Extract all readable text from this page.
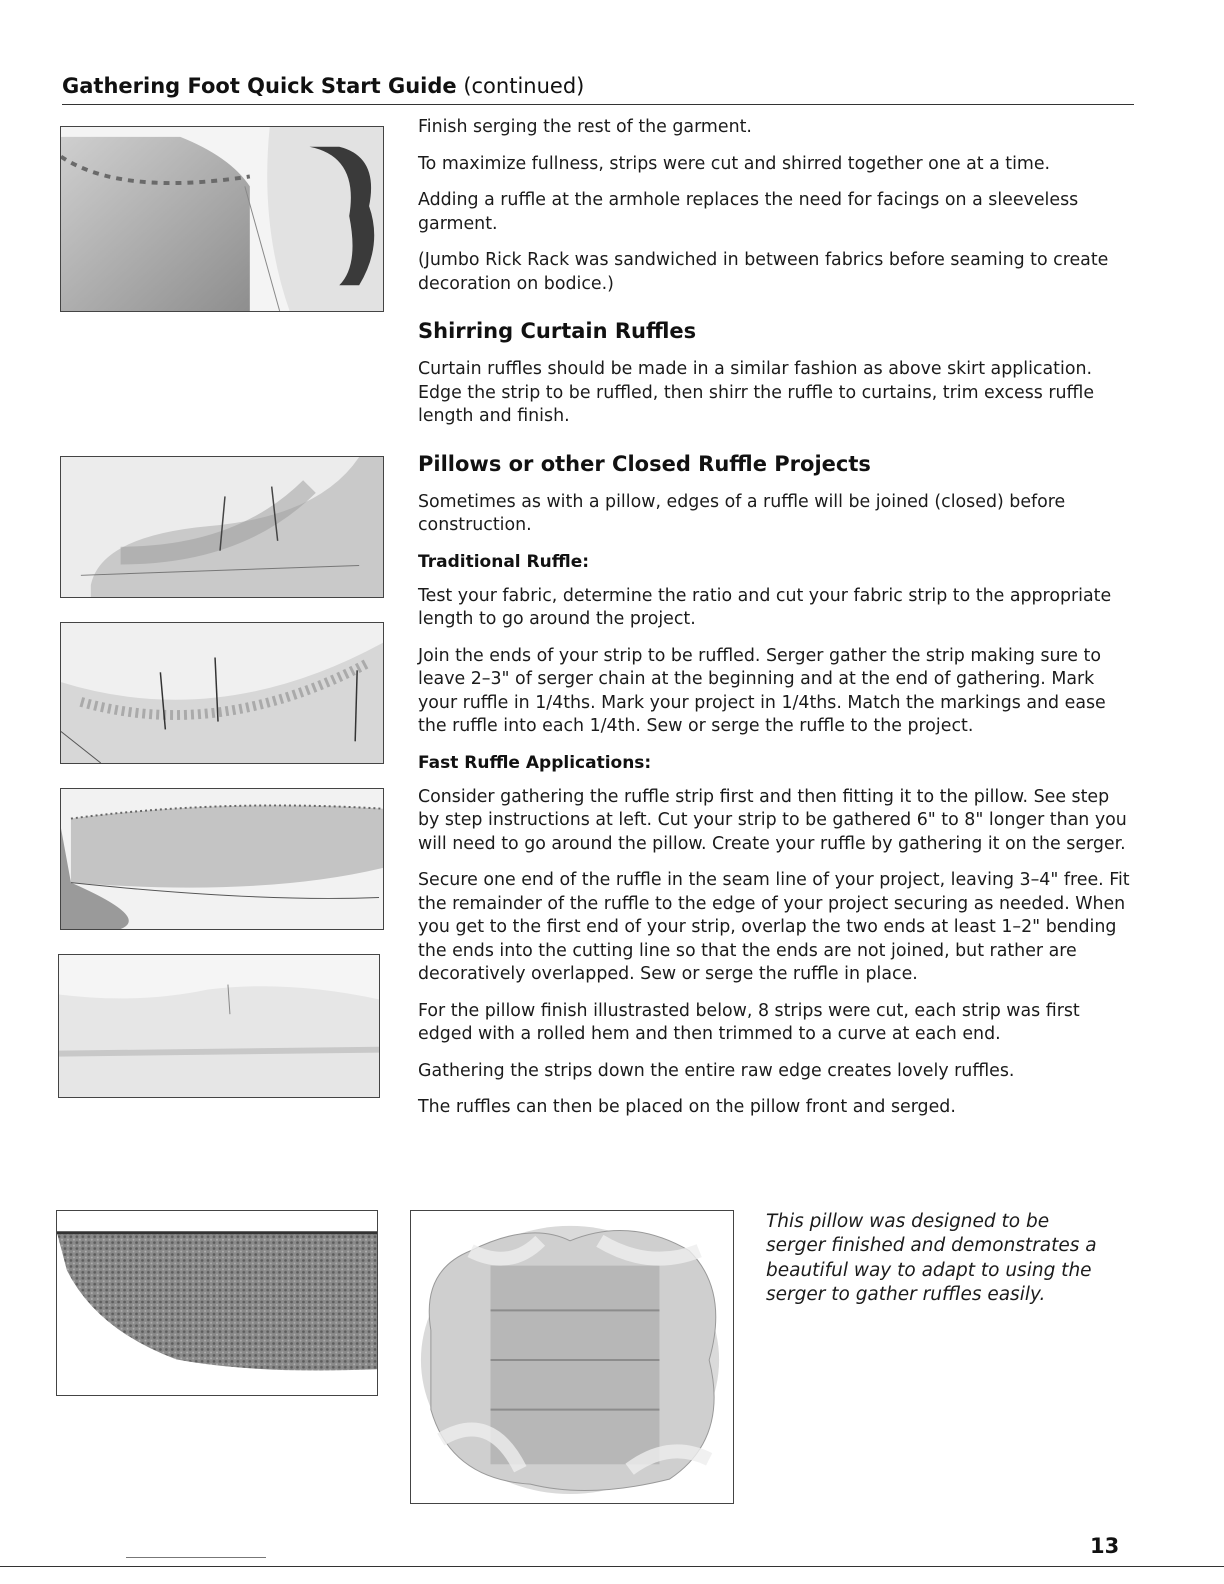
Gathering Foot Quick Start Guide (continued)

Finish serging the rest of the garment.

To maximize fullness, strips were cut and shirred together one at a time.

Adding a ruffle at the armhole replaces the need for facings on a sleeveless garment.

(Jumbo Rick Rack was sandwiched in between fabrics before seaming to create decoration on bodice.)

Shirring Curtain Ruffles

Curtain ruffles should be made in a similar fashion as above skirt application. Edge the strip to be ruffled, then shirr the ruffle to curtains, trim excess ruffle length and finish.

Pillows or other Closed Ruffle Projects

Sometimes as with a pillow, edges of a ruffle will be joined (closed) before construction.

Traditional Ruffle:

Test your fabric, determine the ratio and cut your fabric strip to the appropriate length to go around the project.

Join the ends of your strip to be ruffled. Serger gather the strip making sure to leave 2–3" of serger chain at the beginning and at the end of gathering. Mark your ruffle in 1/4ths. Mark your project in 1/4ths. Match the markings and ease the ruffle into each 1/4th. Sew or serge the ruffle to the project.

Fast Ruffle Applications:

Consider gathering the ruffle strip first and then fitting it to the pillow. See step by step instructions at left. Cut your strip to be gathered 6" to 8" longer than you will need to go around the pillow. Create your ruffle by gathering it on the serger.

Secure one end of the ruffle in the seam line of your project, leaving 3–4" free. Fit the remainder of the ruffle to the edge of your project securing as needed. When you get to the first end of your strip, overlap the two ends at least 1–2" bending the ends into the cutting line so that the ends are not joined, but rather are decoratively overlapped. Sew or serge the ruffle in place.

For the pillow finish illustrasted below, 8 strips were cut, each strip was first edged with a rolled hem and then trimmed to a curve at each end.

Gathering the strips down the entire raw edge creates lovely ruffles.

The ruffles can then be placed on the pillow front and serged.

This pillow was designed to be serger finished and demonstrates a beautiful way to adapt to using the serger to gather ruffles easily.
13
